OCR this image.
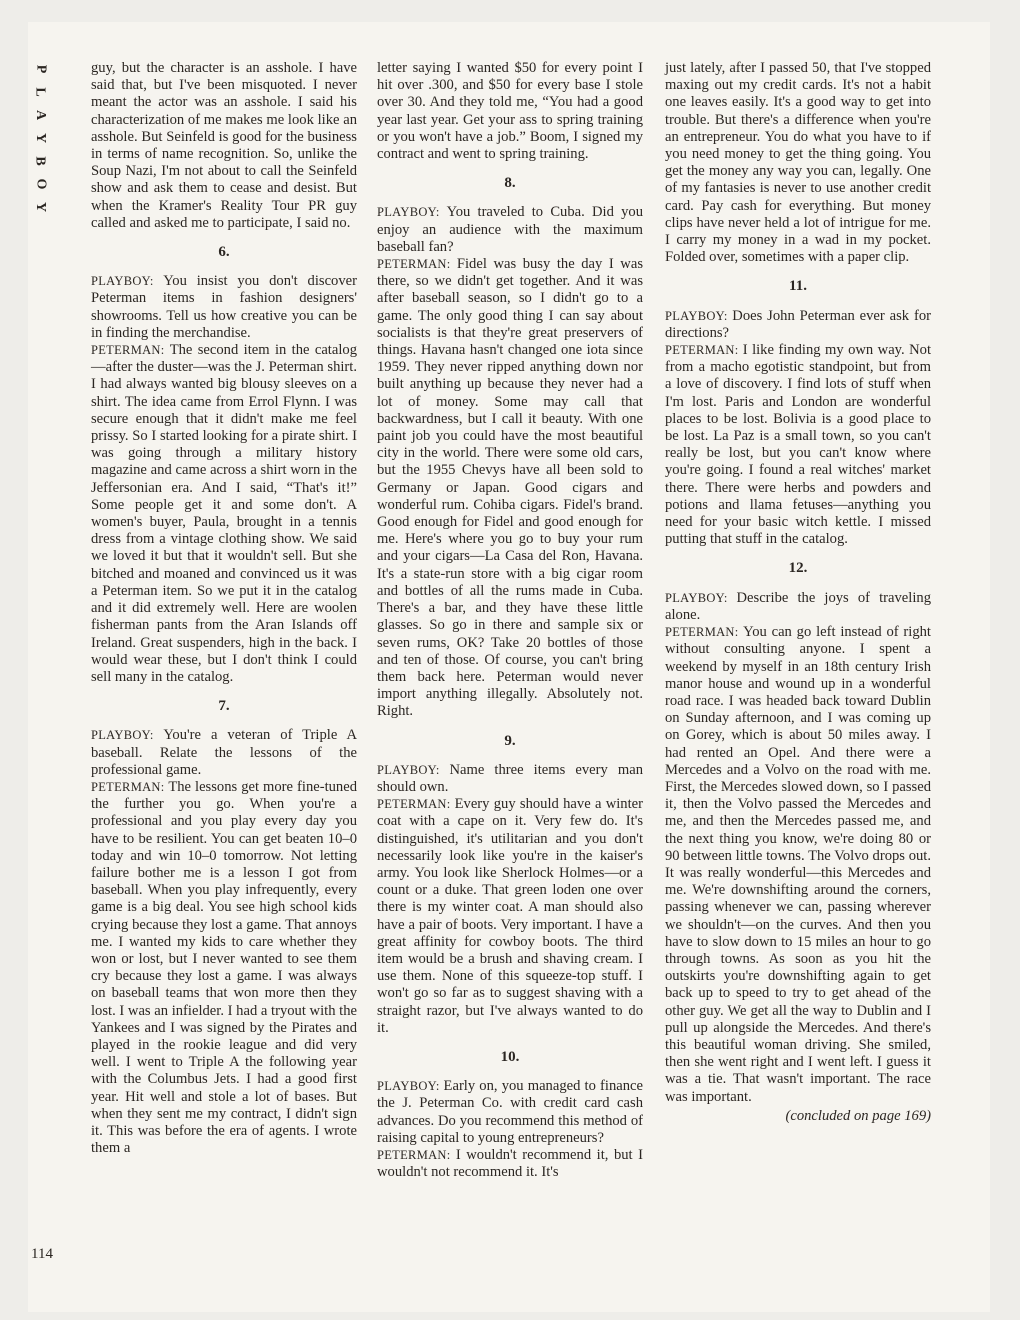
P
L
A
Y
B
O
Y
114

guy, but the character is an asshole. I have said that, but I've been misquoted. I never meant the actor was an asshole. I said his characterization of me makes me look like an asshole. But Seinfeld is good for the business in terms of name recognition. So, unlike the Soup Nazi, I'm not about to call the Seinfeld show and ask them to cease and desist. But when the Kramer's Reality Tour PR guy called and asked me to participate, I said no.

6.

PLAYBOY: You insist you don't discover Peterman items in fashion designers' showrooms. Tell us how creative you can be in finding the merchandise.

PETERMAN: The second item in the catalog—after the duster—was the J. Peterman shirt. I had always wanted big blousy sleeves on a shirt. The idea came from Errol Flynn. I was secure enough that it didn't make me feel prissy. So I started looking for a pirate shirt. I was going through a military history magazine and came across a shirt worn in the Jeffersonian era. And I said, “That's it!” Some people get it and some don't. A women's buyer, Paula, brought in a tennis dress from a vintage clothing show. We said we loved it but that it wouldn't sell. But she bitched and moaned and convinced us it was a Peterman item. So we put it in the catalog and it did extremely well. Here are woolen fisherman pants from the Aran Islands off Ireland. Great suspenders, high in the back. I would wear these, but I don't think I could sell many in the catalog.

7.

PLAYBOY: You're a veteran of Triple A baseball. Relate the lessons of the professional game.

PETERMAN: The lessons get more fine-tuned the further you go. When you're a professional and you play every day you have to be resilient. You can get beaten 10–0 today and win 10–0 tomorrow. Not letting failure bother me is a lesson I got from baseball. When you play infrequently, every game is a big deal. You see high school kids crying because they lost a game. That annoys me. I wanted my kids to care whether they won or lost, but I never wanted to see them cry because they lost a game. I was always on baseball teams that won more then they lost. I was an infielder. I had a tryout with the Yankees and I was signed by the Pirates and played in the rookie league and did very well. I went to Triple A the following year with the Columbus Jets. I had a good first year. Hit well and stole a lot of bases. But when they sent me my contract, I didn't sign it. This was before the era of agents. I wrote them a

letter saying I wanted $50 for every point I hit over .300, and $50 for every base I stole over 30. And they told me, “You had a good year last year. Get your ass to spring training or you won't have a job.” Boom, I signed my contract and went to spring training.

8.

PLAYBOY: You traveled to Cuba. Did you enjoy an audience with the maximum baseball fan?

PETERMAN: Fidel was busy the day I was there, so we didn't get together. And it was after baseball season, so I didn't go to a game. The only good thing I can say about socialists is that they're great preservers of things. Havana hasn't changed one iota since 1959. They never ripped anything down nor built anything up because they never had a lot of money. Some may call that backwardness, but I call it beauty. With one paint job you could have the most beautiful city in the world. There were some old cars, but the 1955 Chevys have all been sold to Germany or Japan. Good cigars and wonderful rum. Cohiba cigars. Fidel's brand. Good enough for Fidel and good enough for me. Here's where you go to buy your rum and your cigars—La Casa del Ron, Havana. It's a state-run store with a big cigar room and bottles of all the rums made in Cuba. There's a bar, and they have these little glasses. So go in there and sample six or seven rums, OK? Take 20 bottles of those and ten of those. Of course, you can't bring them back here. Peterman would never import anything illegally. Absolutely not. Right.

9.

PLAYBOY: Name three items every man should own.

PETERMAN: Every guy should have a winter coat with a cape on it. Very few do. It's distinguished, it's utilitarian and you don't necessarily look like you're in the kaiser's army. You look like Sherlock Holmes—or a count or a duke. That green loden one over there is my winter coat. A man should also have a pair of boots. Very important. I have a great affinity for cowboy boots. The third item would be a brush and shaving cream. I use them. None of this squeeze-top stuff. I won't go so far as to suggest shaving with a straight razor, but I've always wanted to do it.

10.

PLAYBOY: Early on, you managed to finance the J. Peterman Co. with credit card cash advances. Do you recommend this method of raising capital to young entrepreneurs?

PETERMAN: I wouldn't recommend it, but I wouldn't not recommend it. It's

just lately, after I passed 50, that I've stopped maxing out my credit cards. It's not a habit one leaves easily. It's a good way to get into trouble. But there's a difference when you're an entrepreneur. You do what you have to if you need money to get the thing going. You get the money any way you can, legally. One of my fantasies is never to use another credit card. Pay cash for everything. But money clips have never held a lot of intrigue for me. I carry my money in a wad in my pocket. Folded over, sometimes with a paper clip.

11.

PLAYBOY: Does John Peterman ever ask for directions?

PETERMAN: I like finding my own way. Not from a macho egotistic standpoint, but from a love of discovery. I find lots of stuff when I'm lost. Paris and London are wonderful places to be lost. Bolivia is a good place to be lost. La Paz is a small town, so you can't really be lost, but you can't know where you're going. I found a real witches' market there. There were herbs and powders and potions and llama fetuses—anything you need for your basic witch kettle. I missed putting that stuff in the catalog.

12.

PLAYBOY: Describe the joys of traveling alone.

PETERMAN: You can go left instead of right without consulting anyone. I spent a weekend by myself in an 18th century Irish manor house and wound up in a wonderful road race. I was headed back toward Dublin on Sunday afternoon, and I was coming up on Gorey, which is about 50 miles away. I had rented an Opel. And there were a Mercedes and a Volvo on the road with me. First, the Mercedes slowed down, so I passed it, then the Volvo passed the Mercedes and me, and then the Mercedes passed me, and the next thing you know, we're doing 80 or 90 between little towns. The Volvo drops out. It was really wonderful—this Mercedes and me. We're downshifting around the corners, passing whenever we can, passing wherever we shouldn't—on the curves. And then you have to slow down to 15 miles an hour to go through towns. As soon as you hit the outskirts you're downshifting again to get back up to speed to try to get ahead of the other guy. We get all the way to Dublin and I pull up alongside the Mercedes. And there's this beautiful woman driving. She smiled, then she went right and I went left. I guess it was a tie. That wasn't important. The race was important.

(concluded on page 169)
